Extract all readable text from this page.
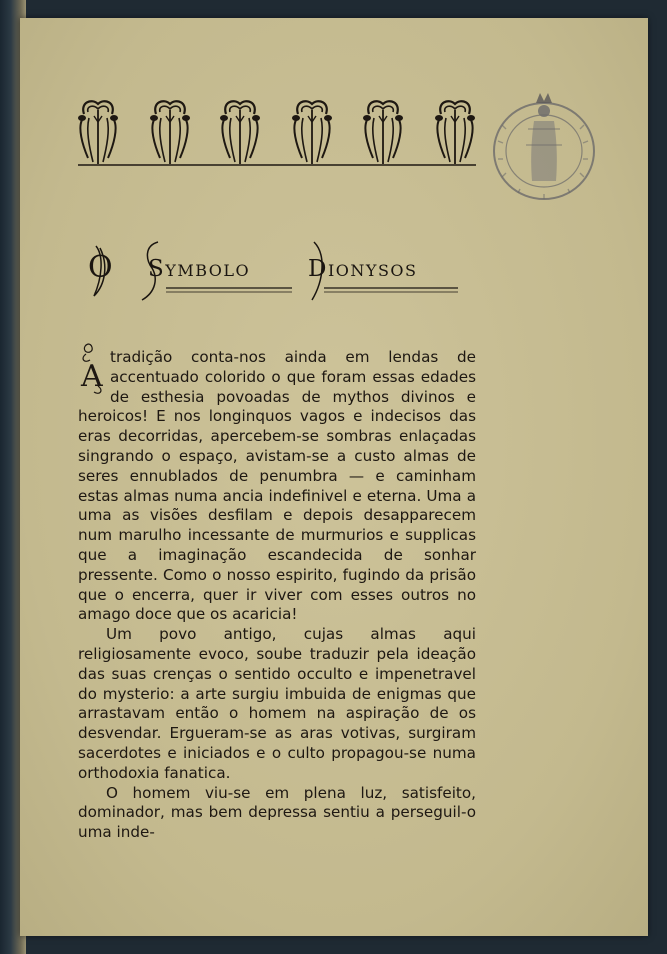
O Symbolo	Dionysos

A
tradição conta-nos ainda em lendas de accentuado colorido o que foram essas edades de esthesia povoadas de mythos divinos e heroicos! E nos longinquos vagos e indecisos das eras decorridas, apercebem-se sombras enlaçadas singrando o espaço, avistam-se a custo almas de seres ennublados de penumbra — e caminham estas almas numa ancia indefinivel e eterna. Uma a uma as visões desfilam e depois desapparecem num marulho incessante de murmurios e supplicas que a imaginação escandecida de sonhar pressente. Como o nosso espirito, fugindo da prisão que o encerra, quer ir viver com esses outros no amago doce que os acaricia!

Um povo antigo, cujas almas aqui religiosamente evoco, soube traduzir pela ideação das suas crenças o sentido occulto e impenetravel do mysterio: a arte surgiu imbuida de enigmas que arrastavam então o homem na aspiração de os desvendar. Ergueram-se as aras votivas, surgiram sacerdotes e iniciados e o culto propagou-se numa orthodoxia fanatica.

O homem viu-se em plena luz, satisfeito, dominador, mas bem depressa sentiu a perseguil-o uma inde-
